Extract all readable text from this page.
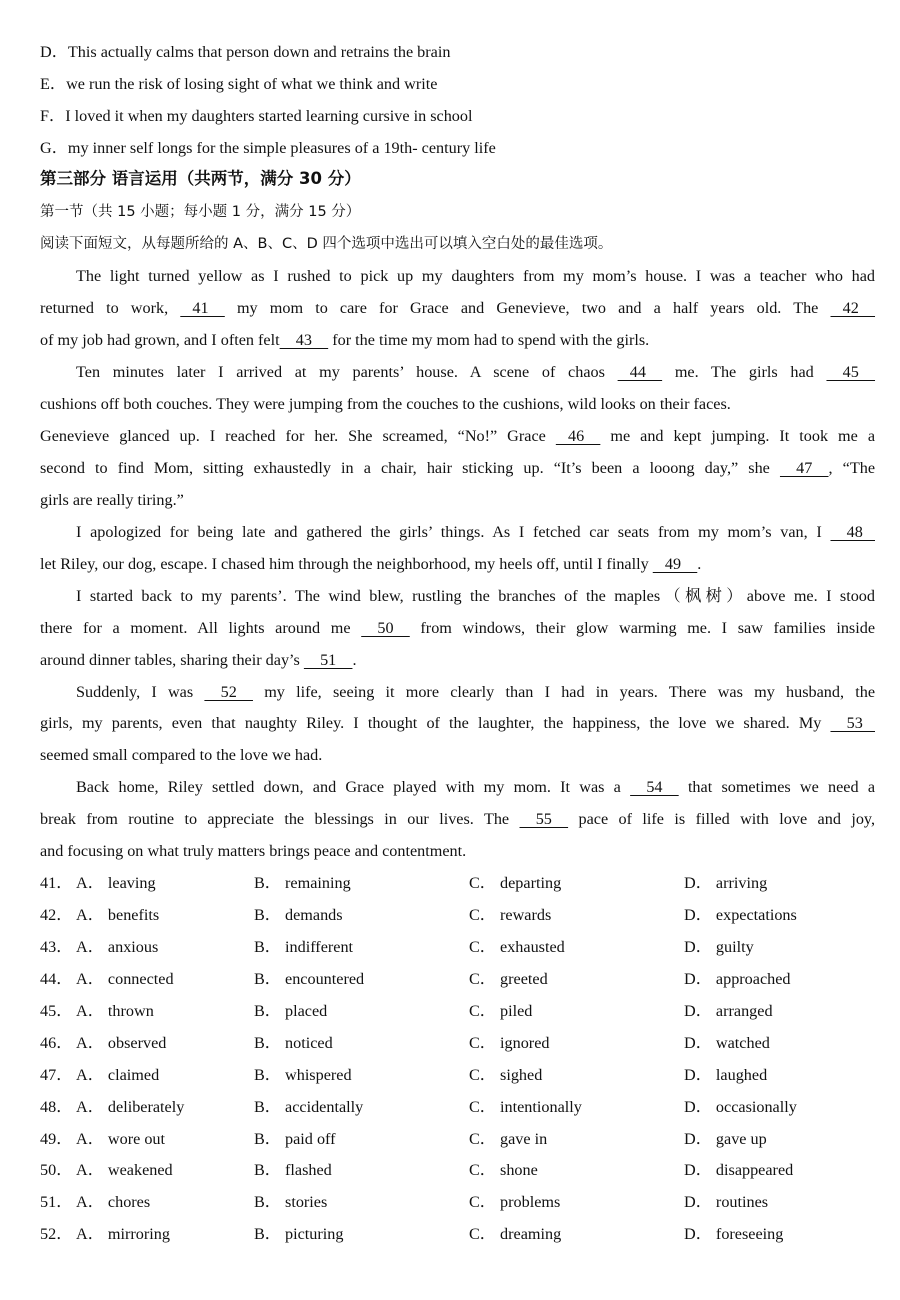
D．This actually calms that person down and retrains the brain
E．we run the risk of losing sight of what we think and write
F．I loved it when my daughters started learning cursive in school
G．my inner self longs for the simple pleasures of a 19th- century life
第三部分 语言运用（共两节，满分 30 分）
第一节（共 15 小题；每小题 1 分，满分 15 分）
阅读下面短文，从每题所给的 A、B、C、D 四个选项中选出可以填入空白处的最佳选项。
The light turned yellow as I rushed to pick up my daughters from my mom’s house. I was a teacher who had
returned to work,    41     my mom to care for Grace and Genevieve, two and a half years old. The    42
of my job had grown, and I often felt    43     for the time my mom had to spend with the girls.
Ten minutes later I arrived at my parents’ house. A scene of chaos    44     me. The girls had     45
cushions off both couches. They were jumping from the couches to the cushions, wild looks on their faces.
Genevieve glanced up. I reached for her. She screamed, “No!” Grace    46     me and kept jumping. It took me a
second to find Mom, sitting exhaustedly in a chair, hair sticking up. “It’s been a looong day,” she     47    , “The
girls are really tiring.”
I apologized for being late and gathered the girls’ things. As I fetched car seats from my mom’s van, I     48
let Riley, our dog, escape. I chased him through the neighborhood, my heels off, until I finally    49    .
I started back to my parents’. The wind blew, rustling the branches of the maples（枫树）above me. I stood
there for a moment. All lights around me     50     from windows, their glow warming me. I saw families inside
around dinner tables, sharing their day’s     51    .
Suddenly, I was     52     my life, seeing it more clearly than I had in years. There was my husband, the
girls, my parents, even that naughty Riley. I thought of the laughter, the happiness, the love we shared. My     53
seemed small compared to the love we had.
Back home, Riley settled down, and Grace played with my mom. It was a     54     that sometimes we need a
break from routine to appreciate the blessings in our lives. The     55     pace of life is filled with love and joy,
and focusing on what truly matters brings peace and contentment.
41． A． leaving	B． remaining	C． departing	D． arriving
42． A． benefits	B． demands	C． rewards	D． expectations
43． A． anxious	B． indifferent	C． exhausted	D． guilty
44． A． connected	B． encountered	C． greeted	D． approached
45． A． thrown	B． placed	C． piled	D． arranged
46． A． observed	B． noticed	C． ignored	D． watched
47． A． claimed	B． whispered	C． sighed	D． laughed
48． A． deliberately	B． accidentally	C． intentionally	D． occasionally
49． A． wore out	B． paid off	C． gave in	D． gave up
50． A． weakened	B． flashed	C． shone	D． disappeared
51． A． chores	B． stories	C． problems	D． routines
52． A． mirroring	B． picturing	C． dreaming	D． foreseeing
